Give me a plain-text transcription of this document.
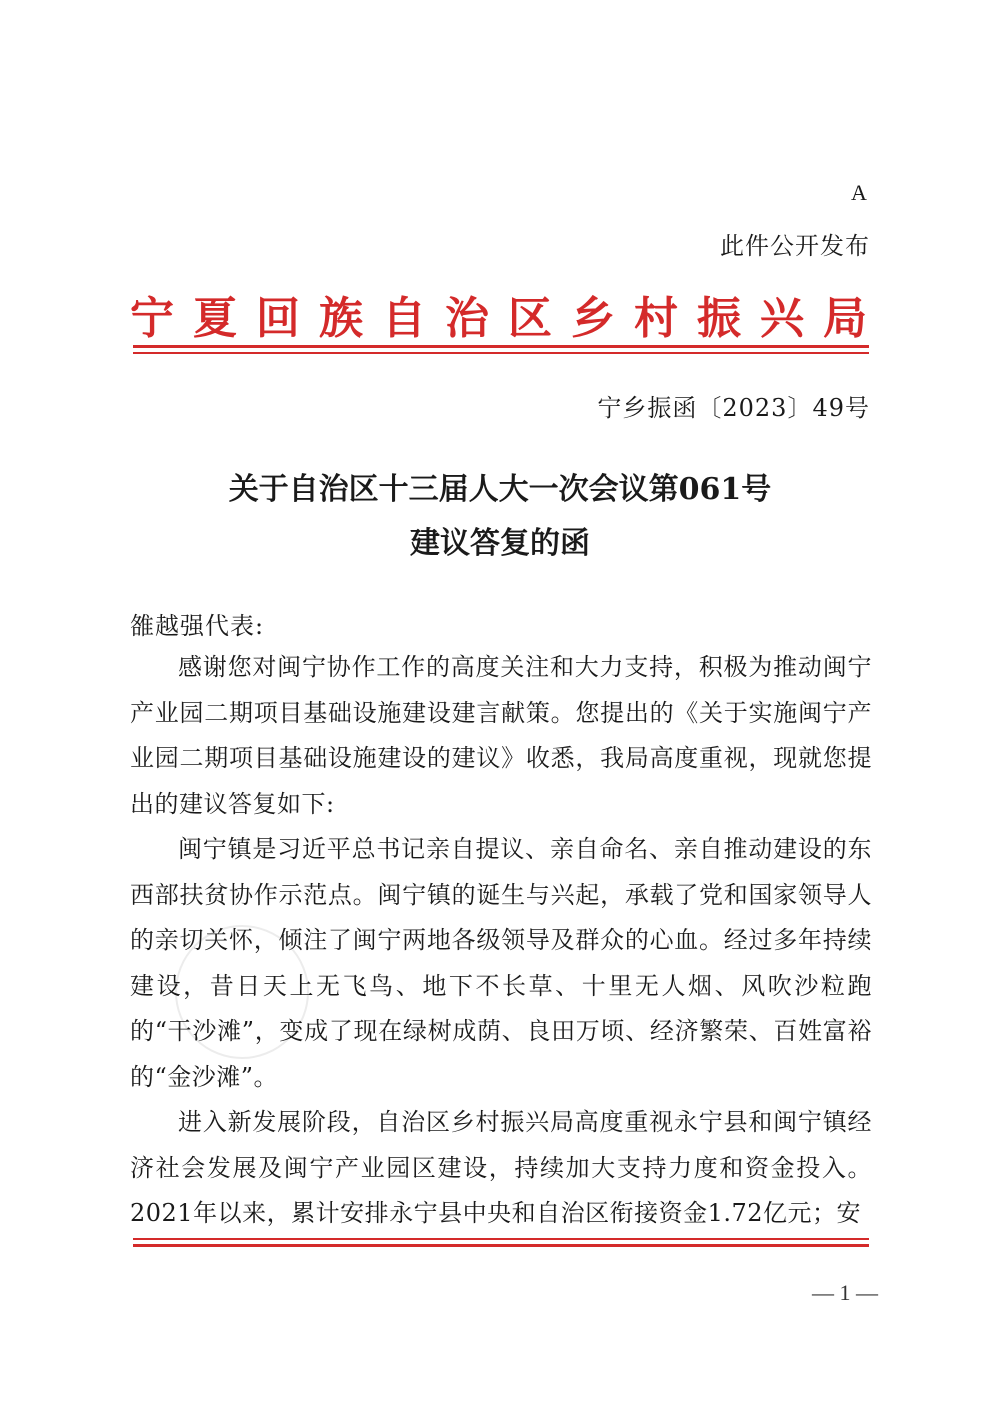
A
此件公开发布
宁夏回族自治区乡村振兴局
宁乡振函〔2023〕49号
关于自治区十三届人大一次会议第061号
建议答复的函
雒越强代表:
感谢您对闽宁协作工作的高度关注和大力支持，积极为推动闽宁产业园二期项目基础设施建设建言献策。您提出的《关于实施闽宁产业园二期项目基础设施建设的建议》收悉，我局高度重视，现就您提出的建议答复如下:
闽宁镇是习近平总书记亲自提议、亲自命名、亲自推动建设的东西部扶贫协作示范点。闽宁镇的诞生与兴起，承载了党和国家领导人的亲切关怀，倾注了闽宁两地各级领导及群众的心血。经过多年持续建设，昔日天上无飞鸟、地下不长草、十里无人烟、风吹沙粒跑的“干沙滩”，变成了现在绿树成荫、良田万顷、经济繁荣、百姓富裕的“金沙滩”。
进入新发展阶段，自治区乡村振兴局高度重视永宁县和闽宁镇经济社会发展及闽宁产业园区建设，持续加大支持力度和资金投入。2021年以来，累计安排永宁县中央和自治区衔接资金1.72亿元；安
— 1 —
